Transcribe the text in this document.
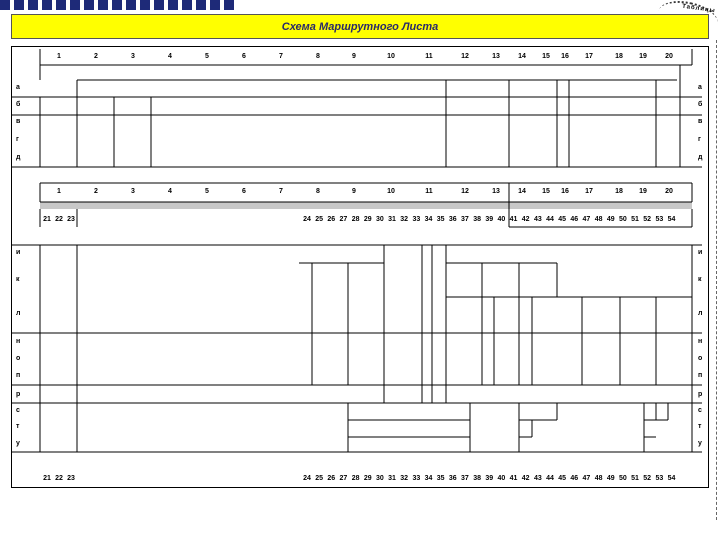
Таблицы
Схема Маршрутного Листа
1	2	3	4	5	6	7	8	9	10	11	12	13	14 15 16 17	18 19	20
1	2	3	4	5	6	7	8	9	10	11	12	13	14 15 16 17	18 19	20
21 22 23	24 25 26 27 28 29 30 31 32 33 34 35 36 37 38 39 40 41 42 43 44 45 46 47 48 49 50 51 52 53 54
21 22 23	24 25 26 27 28 29 30 31 32 33 34 35 36 37 38 39 40 41 42 43 44 45 46 47 48 49 50 51 52 53 54
а	а
б	б
в	в
г	г
д	д
и	и
к	к
л	л
н	н
о	о
п	п
р	р
с	с
т	т
у	у
